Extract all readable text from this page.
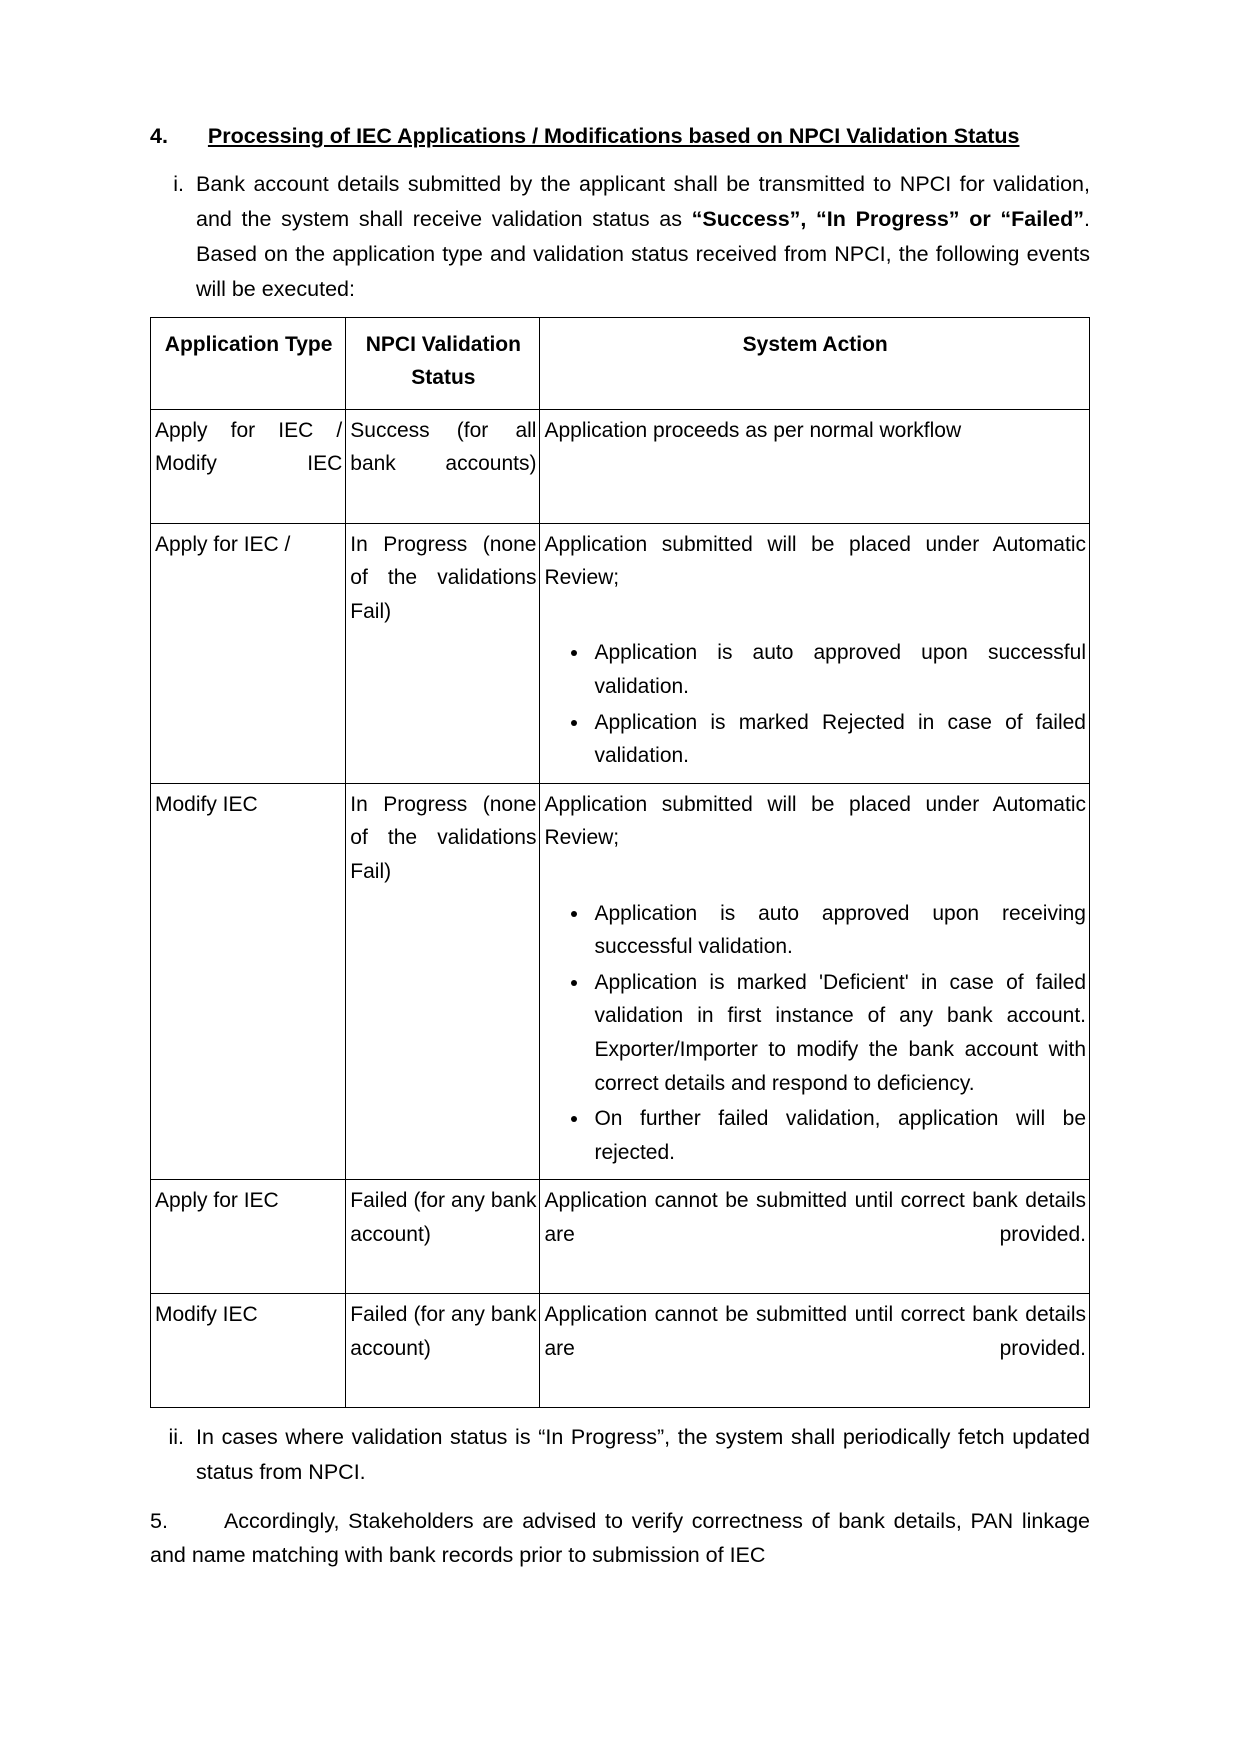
4. Processing of IEC Applications / Modifications based on NPCI Validation Status

i. Bank account details submitted by the applicant shall be transmitted to NPCI for validation, and the system shall receive validation status as “Success”, “In Progress” or “Failed”. Based on the application type and validation status received from NPCI, the following events will be executed:
Application Type	NPCI Validation Status	System Action
Apply for IEC / Modify IEC	Success (for all bank accounts)	Application proceeds as per normal workflow
Apply for IEC /	In Progress (none of the validations Fail)	Application submitted will be placed under Automatic Review;
• Application is auto approved upon successful validation.
• Application is marked Rejected in case of failed validation.

Modify IEC	In Progress (none of the validations Fail)	Application submitted will be placed under Automatic Review;
• Application is auto approved upon receiving successful validation.
• Application is marked 'Deficient' in case of failed validation in first instance of any bank account. Exporter/Importer to modify the bank account with correct details and respond to deficiency.
• On further failed validation, application will be rejected.

Apply for IEC	Failed (for any bank account)	Application cannot be submitted until correct bank details are provided.
Modify IEC	Failed (for any bank account)	Application cannot be submitted until correct bank details are provided.
ii. In cases where validation status is “In Progress”, the system shall periodically fetch updated status from NPCI.

5.	Accordingly, Stakeholders are advised to verify correctness of bank details, PAN linkage and name matching with bank records prior to submission of IEC
